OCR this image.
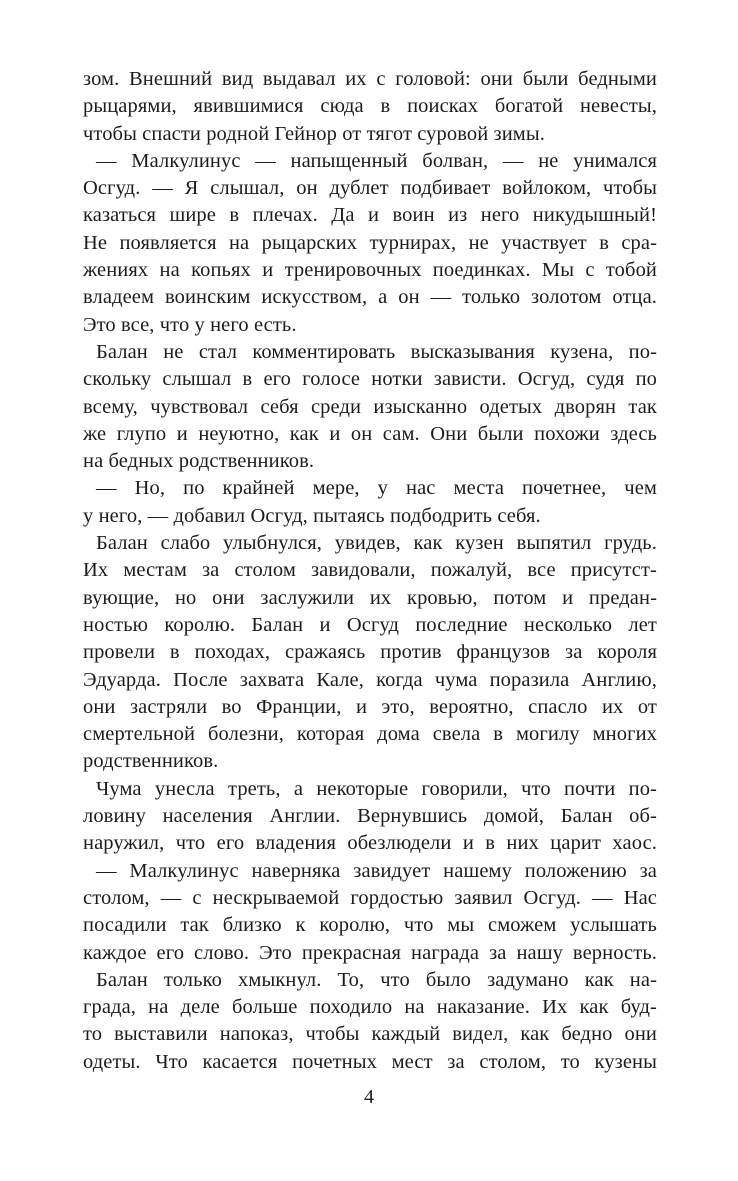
зом. Внешний вид выдавал их с головой: они были бедными
рыцарями, явившимися сюда в поисках богатой невесты,
чтобы спасти родной Гейнор от тягот суровой зимы.
— Малкулинус — напыщенный болван, — не унимался
Осгуд. — Я слышал, он дублет подбивает войлоком, чтобы
казаться шире в плечах. Да и воин из него никудышный!
Не появляется на рыцарских турнирах, не участвует в сра-
жениях на копьях и тренировочных поединках. Мы с тобой
владеем воинским искусством, а он — только золотом отца.
Это все, что у него есть.
Балан не стал комментировать высказывания кузена, по-
скольку слышал в его голосе нотки зависти. Осгуд, судя по
всему, чувствовал себя среди изысканно одетых дворян так
же глупо и неуютно, как и он сам. Они были похожи здесь
на бедных родственников.
— Но, по крайней мере, у нас места почетнее, чем
у него, — добавил Осгуд, пытаясь подбодрить себя.
Балан слабо улыбнулся, увидев, как кузен выпятил грудь.
Их местам за столом завидовали, пожалуй, все присутст-
вующие, но они заслужили их кровью, потом и предан-
ностью королю. Балан и Осгуд последние несколько лет
провели в походах, сражаясь против французов за короля
Эдуарда. После захвата Кале, когда чума поразила Англию,
они застряли во Франции, и это, вероятно, спасло их от
смертельной болезни, которая дома свела в могилу многих
родственников.
Чума унесла треть, а некоторые говорили, что почти по-
ловину населения Англии. Вернувшись домой, Балан об-
наружил, что его владения обезлюдели и в них царит хаос.
— Малкулинус наверняка завидует нашему положению за
столом, — с нескрываемой гордостью заявил Осгуд. — Нас
посадили так близко к королю, что мы сможем услышать
каждое его слово. Это прекрасная награда за нашу верность.
Балан только хмыкнул. То, что было задумано как на-
града, на деле больше походило на наказание. Их как буд-
то выставили напоказ, чтобы каждый видел, как бедно они
одеты. Что касается почетных мест за столом, то кузены
4
